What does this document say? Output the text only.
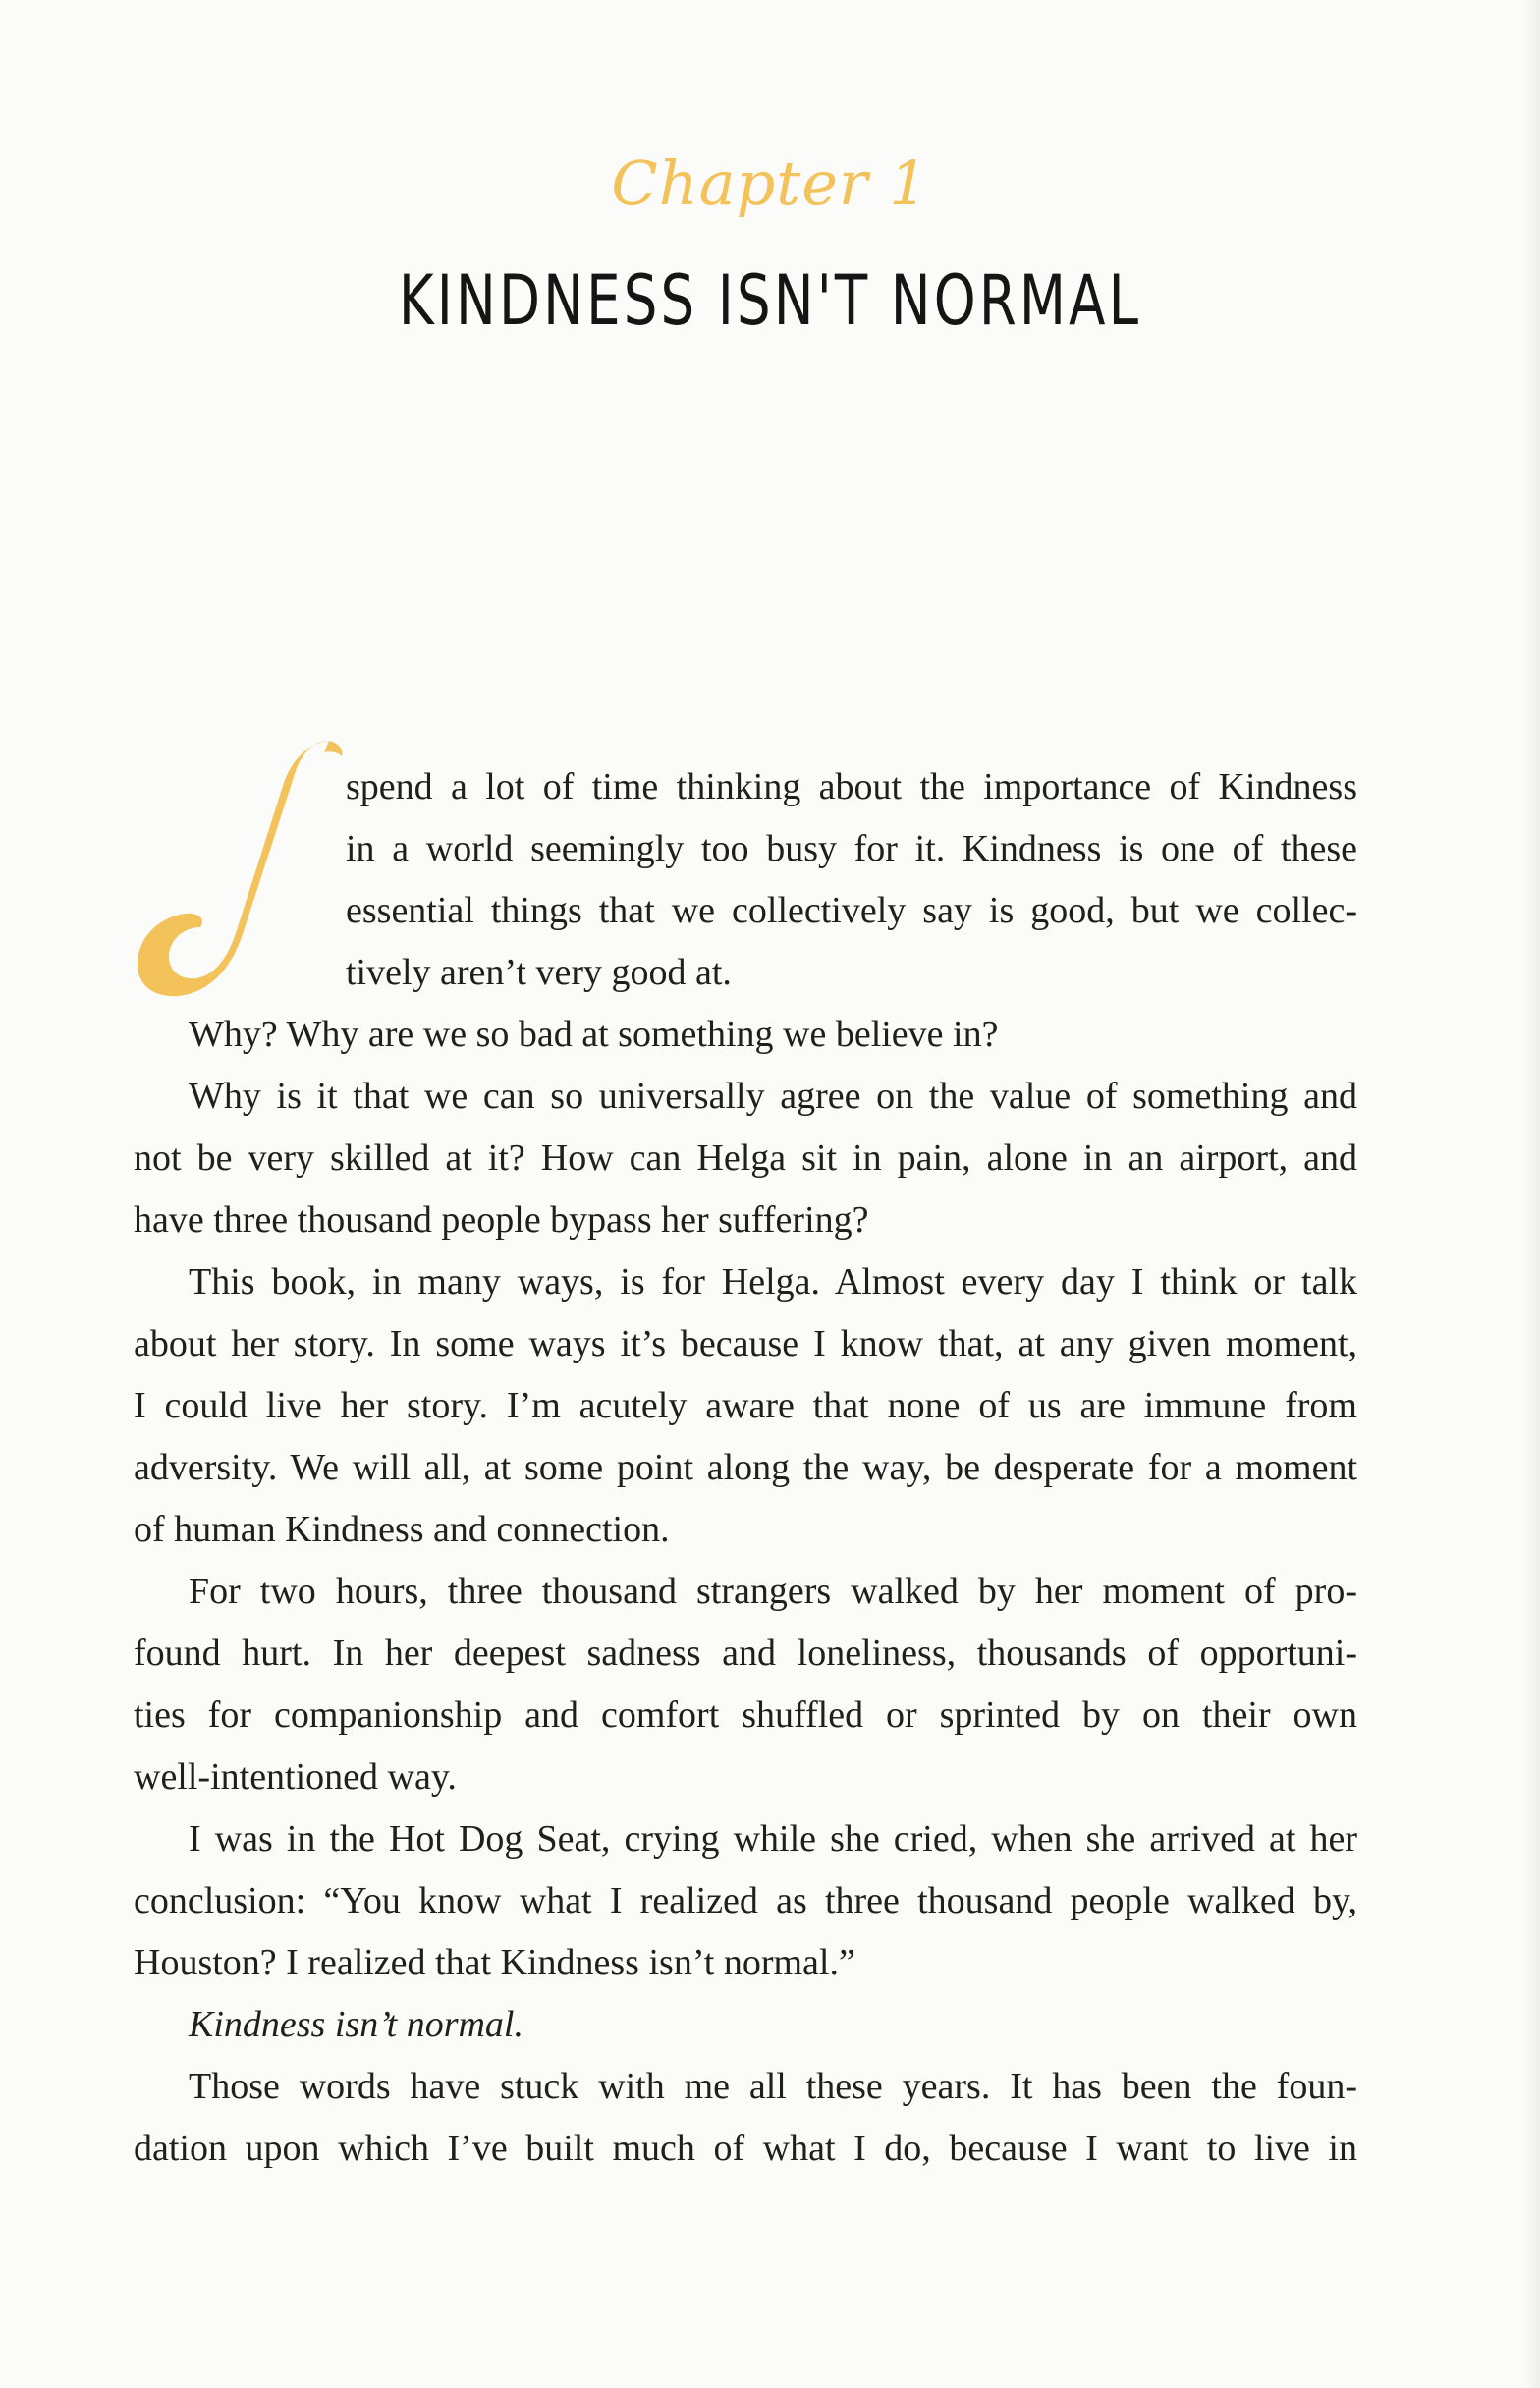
Chapter 1
KINDNESS ISN'T NORMAL
spend a lot of time thinking about the importance of Kindness
in a world seemingly too busy for it. Kindness is one of these
essential things that we collectively say is good, but we collec-
tively aren’t very good at.
Why? Why are we so bad at something we believe in?
Why is it that we can so universally agree on the value of something and
not be very skilled at it? How can Helga sit in pain, alone in an airport, and
have three thousand people bypass her suffering?
This book, in many ways, is for Helga. Almost every day I think or talk
about her story. In some ways it’s because I know that, at any given moment,
I could live her story. I’m acutely aware that none of us are immune from
adversity. We will all, at some point along the way, be desperate for a moment
of human Kindness and connection.
For two hours, three thousand strangers walked by her moment of pro-
found hurt. In her deepest sadness and loneliness, thousands of opportuni-
ties for companionship and comfort shuffled or sprinted by on their own
well-intentioned way.
I was in the Hot Dog Seat, crying while she cried, when she arrived at her
conclusion: “You know what I realized as three thousand people walked by,
Houston? I realized that Kindness isn’t normal.”
Kindness isn’t normal.
Those words have stuck with me all these years. It has been the foun-
dation upon which I’ve built much of what I do, because I want to live in
